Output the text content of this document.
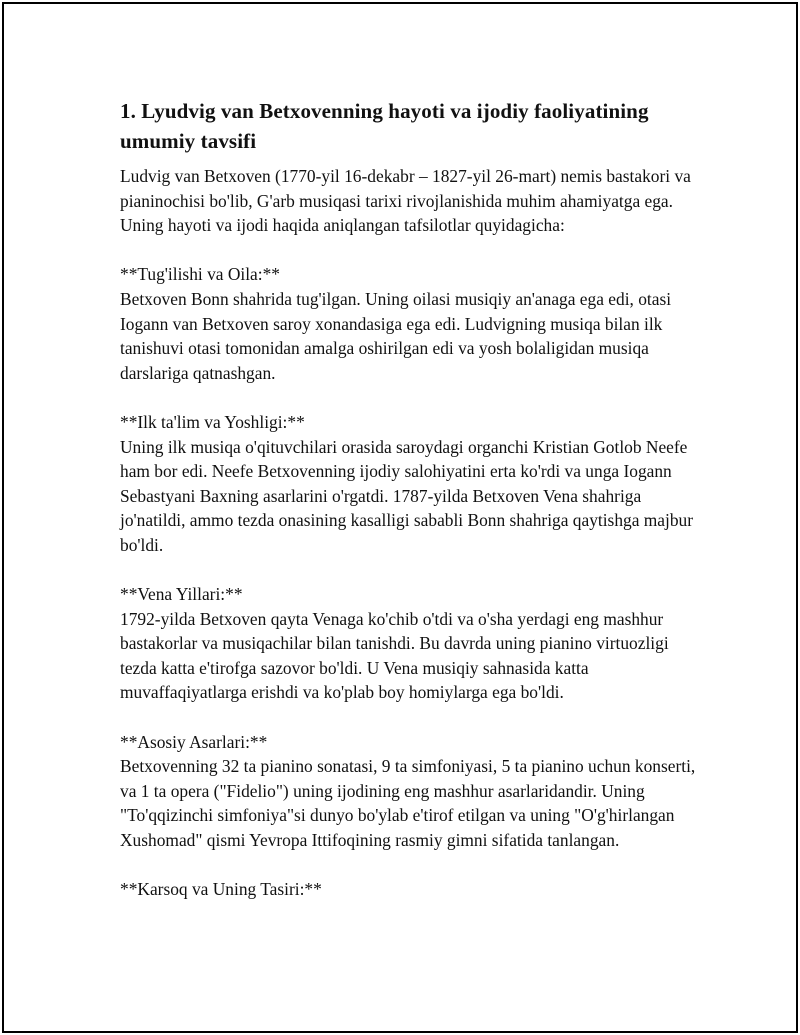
1. Lyudvig van Betxovenning hayoti va ijodiy faoliyatining umumiy tavsifi

Ludvig van Betxoven (1770-yil 16-dekabr – 1827-yil 26-mart) nemis bastakori va pianinochisi bo'lib, G'arb musiqasi tarixi rivojlanishida muhim ahamiyatga ega. Uning hayoti va ijodi haqida aniqlangan tafsilotlar quyidagicha:

**Tug'ilishi va Oila:**

Betxoven Bonn shahrida tug'ilgan. Uning oilasi musiqiy an'anaga ega edi, otasi Iogann van Betxoven saroy xonandasiga ega edi. Ludvigning musiqa bilan ilk tanishuvi otasi tomonidan amalga oshirilgan edi va yosh bolaligidan musiqa darslariga qatnashgan.

**Ilk ta'lim va Yoshligi:**

Uning ilk musiqa o'qituvchilari orasida saroydagi organchi Kristian Gotlob Neefe ham bor edi. Neefe Betxovenning ijodiy salohiyatini erta ko'rdi va unga Iogann Sebastyani Baxning asarlarini o'rgatdi. 1787-yilda Betxoven Vena shahriga jo'natildi, ammo tezda onasining kasalligi sababli Bonn shahriga qaytishga majbur bo'ldi.

**Vena Yillari:**

1792-yilda Betxoven qayta Venaga ko'chib o'tdi va o'sha yerdagi eng mashhur bastakorlar va musiqachilar bilan tanishdi. Bu davrda uning pianino virtuozligi tezda katta e'tirofga sazovor bo'ldi. U Vena musiqiy sahnasida katta muvaffaqiyatlarga erishdi va ko'plab boy homiylarga ega bo'ldi.

**Asosiy Asarlari:**

Betxovenning 32 ta pianino sonatasi, 9 ta simfoniyasi, 5 ta pianino uchun konserti, va 1 ta opera ("Fidelio") uning ijodining eng mashhur asarlaridandir. Uning "To'qqizinchi simfoniya"si dunyo bo'ylab e'tirof etilgan va uning "O'g'hirlangan Xushomad" qismi Yevropa Ittifoqining rasmiy gimni sifatida tanlangan.

**Karsoq va Uning Tasiri:**
